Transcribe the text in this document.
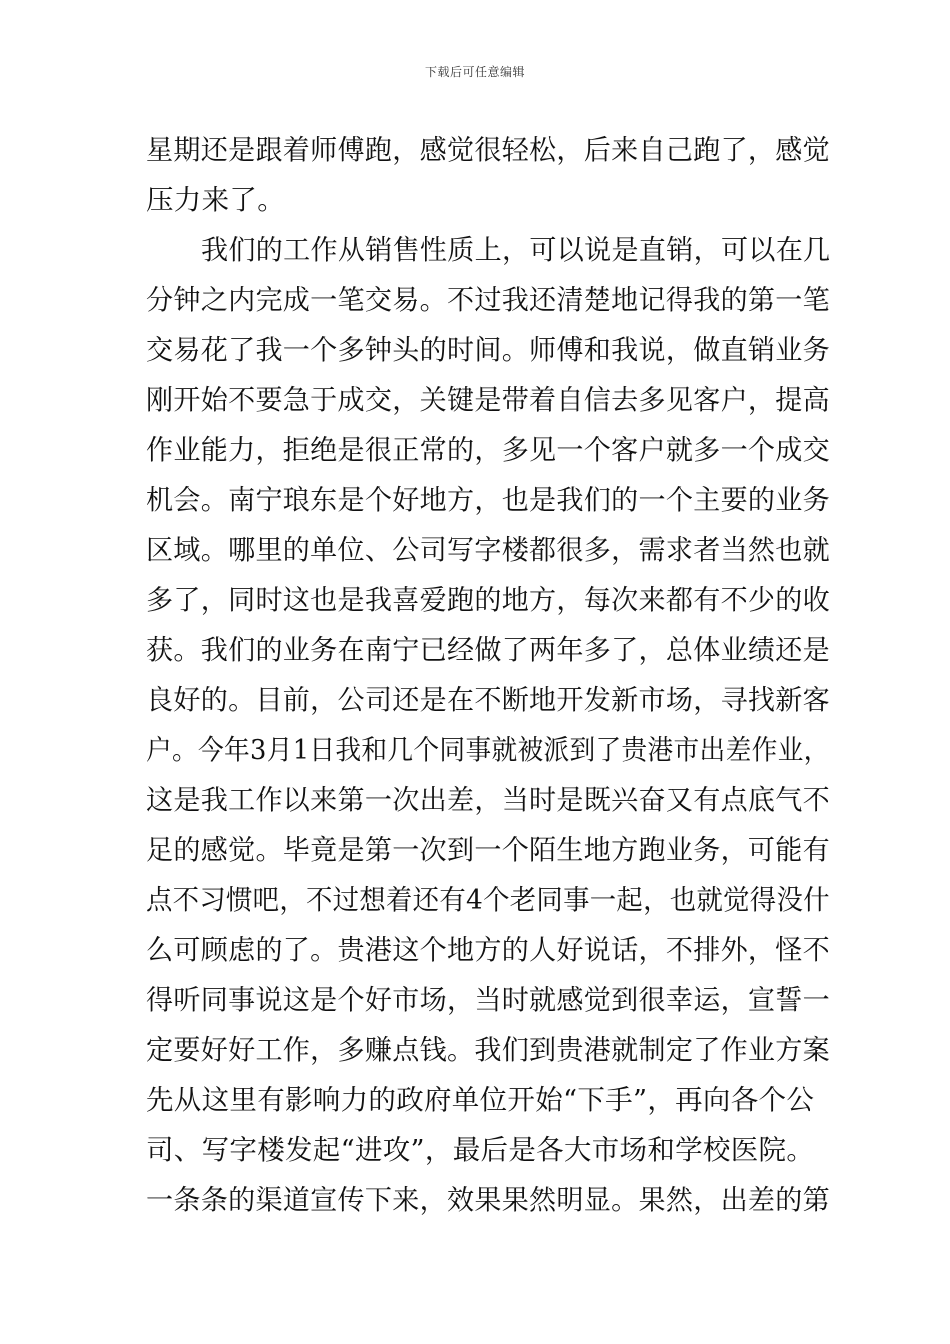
下载后可任意编辑
星期还是跟着师傅跑，感觉很轻松，后来自己跑了，感觉
压力来了。
我们的工作从销售性质上，可以说是直销，可以在几
分钟之内完成一笔交易。不过我还清楚地记得我的第一笔
交易花了我一个多钟头的时间。师傅和我说，做直销业务
刚开始不要急于成交，关键是带着自信去多见客户，提高
作业能力，拒绝是很正常的，多见一个客户就多一个成交
机会。南宁琅东是个好地方，也是我们的一个主要的业务
区域。哪里的单位、公司写字楼都很多，需求者当然也就
多了，同时这也是我喜爱跑的地方，每次来都有不少的收
获。我们的业务在南宁已经做了两年多了，总体业绩还是
良好的。目前，公司还是在不断地开发新市场，寻找新客
户。今年3月1日我和几个同事就被派到了贵港市出差作业，
这是我工作以来第一次出差，当时是既兴奋又有点底气不
足的感觉。毕竟是第一次到一个陌生地方跑业务，可能有
点不习惯吧，不过想着还有4个老同事一起，也就觉得没什
么可顾虑的了。贵港这个地方的人好说话，不排外，怪不
得听同事说这是个好市场，当时就感觉到很幸运，宣誓一
定要好好工作，多赚点钱。我们到贵港就制定了作业方案
先从这里有影响力的政府单位开始“下手”，再向各个公
司、写字楼发起“进攻”，最后是各大市场和学校医院。
一条条的渠道宣传下来，效果果然明显。果然，出差的第
